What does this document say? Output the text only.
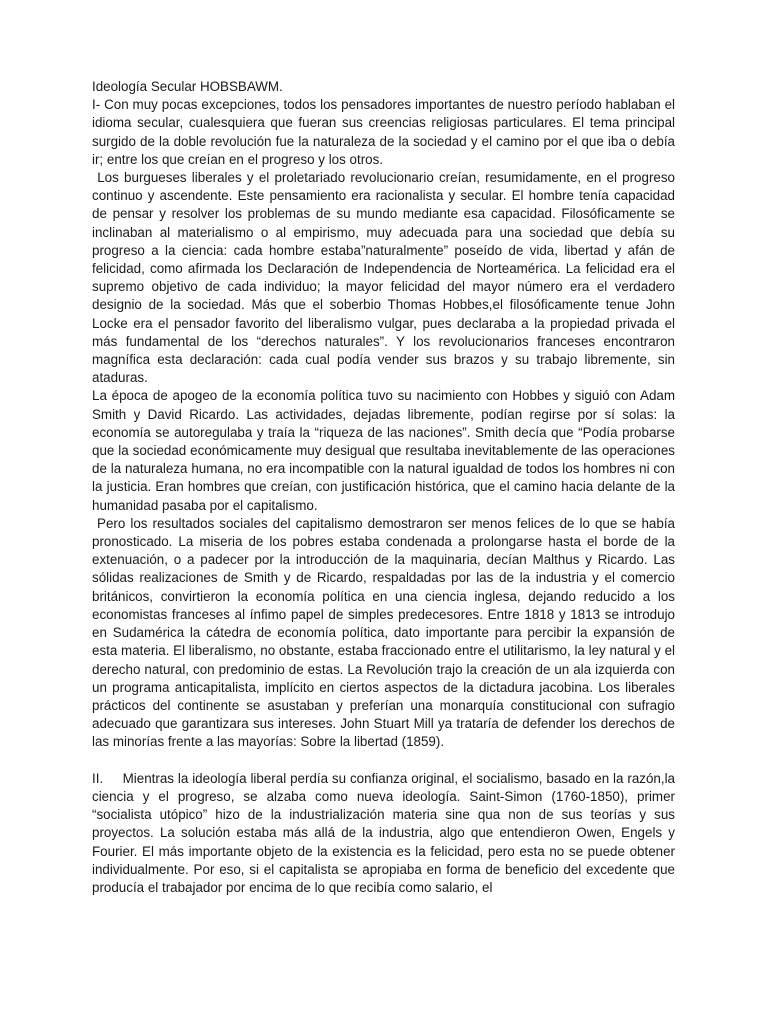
Ideología Secular HOBSBAWM.

I- Con muy pocas excepciones, todos los pensadores importantes de nuestro período hablaban el idioma secular, cualesquiera que fueran sus creencias religiosas particulares. El tema principal surgido de la doble revolución fue la naturaleza de la sociedad y el camino por el que iba o debía ir; entre los que creían en el progreso y los otros.

Los burgueses liberales y el proletariado revolucionario creían, resumidamente, en el progreso continuo y ascendente. Este pensamiento era racionalista y secular. El hombre tenía capacidad de pensar y resolver los problemas de su mundo mediante esa capacidad. Filosóficamente se inclinaban al materialismo o al empirismo, muy adecuada para una sociedad que debía su progreso a la ciencia: cada hombre estaba”naturalmente” poseído de vida, libertad y afán de felicidad, como afirmada los Declaración de Independencia de Norteamérica. La felicidad era el supremo objetivo de cada individuo; la mayor felicidad del mayor número era el verdadero designio de la sociedad. Más que el soberbio Thomas Hobbes,el filosóficamente tenue John Locke era el pensador favorito del liberalismo vulgar, pues declaraba a la propiedad privada el más fundamental de los “derechos naturales”. Y los revolucionarios franceses encontraron magnífica esta declaración: cada cual podía vender sus brazos y su trabajo libremente, sin ataduras.

La época de apogeo de la economía política tuvo su nacimiento con Hobbes y siguió con Adam Smith y David Ricardo. Las actividades, dejadas libremente, podían regirse por sí solas: la economía se autoregulaba y traía la “riqueza de las naciones”. Smith decía que “Podía probarse que la sociedad económicamente muy desigual que resultaba inevitablemente de las operaciones de la naturaleza humana, no era incompatible con la natural igualdad de todos los hombres ni con la justicia. Eran hombres que creían, con justificación histórica, que el camino hacia delante de la humanidad pasaba por el capitalismo.

Pero los resultados sociales del capitalismo demostraron ser menos felices de lo que se había pronosticado. La miseria de los pobres estaba condenada a prolongarse hasta el borde de la extenuación, o a padecer por la introducción de la maquinaria, decían Malthus y Ricardo. Las sólidas realizaciones de Smith y de Ricardo, respaldadas por las de la industria y el comercio británicos, convirtieron la economía política en una ciencia inglesa, dejando reducido a los economistas franceses al ínfimo papel de simples predecesores. Entre 1818 y 1813 se introdujo en Sudamérica la cátedra de economía política, dato importante para percibir la expansión de esta materia. El liberalismo, no obstante, estaba fraccionado entre el utilitarismo, la ley natural y el derecho natural, con predominio de estas. La Revolución trajo la creación de un ala izquierda con un programa anticapitalista, implícito en ciertos aspectos de la dictadura jacobina. Los liberales prácticos del continente se asustaban y preferían una monarquía constitucional con sufragio adecuado que garantizara sus intereses. John Stuart Mill ya trataría de defender los derechos de las minorías frente a las mayorías: Sobre la libertad (1859).

II.     Mientras la ideología liberal perdía su confianza original, el socialismo, basado en la razón,la ciencia y el progreso, se alzaba como nueva ideología. Saint-Simon (1760-1850), primer “socialista utópico” hizo de la industrialización materia sine qua non de sus teorías y sus proyectos. La solución estaba más allá de la industria, algo que entendieron Owen, Engels y Fourier. El más importante objeto de la existencia es la felicidad, pero esta no se puede obtener individualmente. Por eso, si el capitalista se apropiaba en forma de beneficio del excedente que producía el trabajador por encima de lo que recibía como salario, el
